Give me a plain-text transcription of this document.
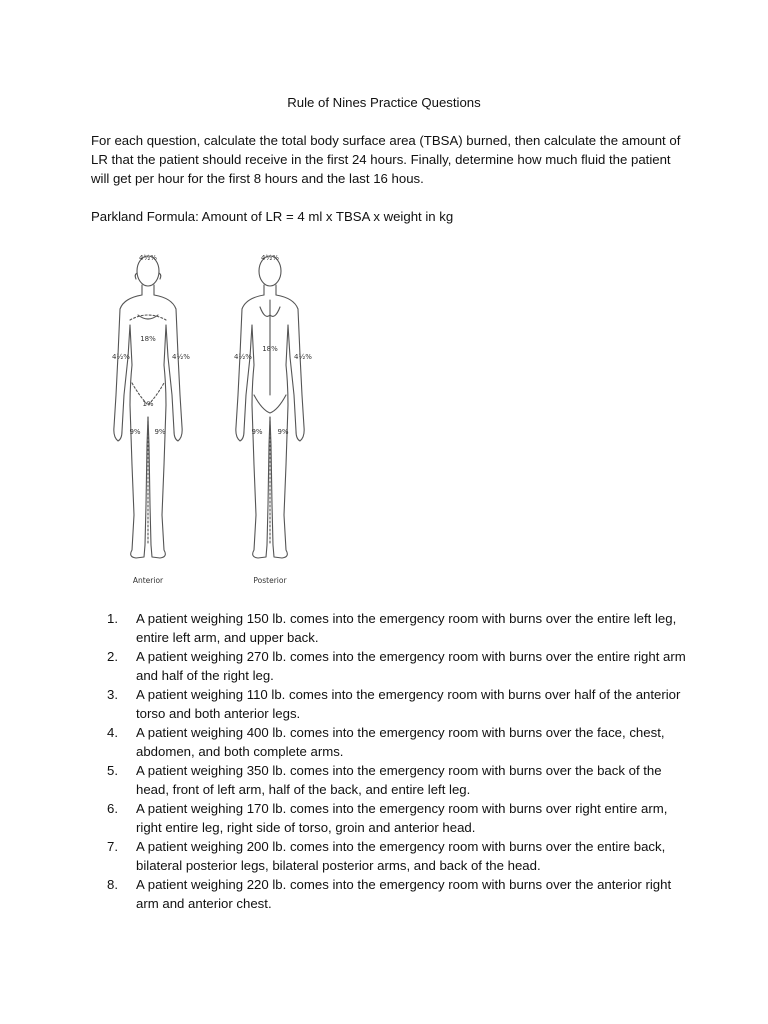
Rule of Nines Practice Questions

For each question, calculate the total body surface area (TBSA) burned, then calculate the amount of LR that the patient should receive in the first 24 hours. Finally, determine how much fluid the patient will get per hour for the first 8 hours and the last 16 hous.

Parkland Formula: Amount of LR = 4 ml x TBSA x weight in kg
4½%
18%
4½%	4½%
1%
9% 9%
4½%
18%
4½%	4½%
9% 9%
Anterior	Posterior
1.	A patient weighing 150 lb. comes into the emergency room with burns over the entire left leg, entire left arm, and upper back.
2.	A patient weighing 270 lb. comes into the emergency room with burns over the entire right arm and half of the right leg.
3.	A patient weighing 110 lb. comes into the emergency room with burns over half of the anterior torso and both anterior legs.
4.	A patient weighing 400 lb. comes into the emergency room with burns over the face, chest, abdomen, and both complete arms.
5.	A patient weighing 350 lb. comes into the emergency room with burns over the back of the head, front of left arm, half of the back, and entire left leg.
6.	A patient weighing 170 lb. comes into the emergency room with burns over right entire arm, right entire leg, right side of torso, groin and anterior head.
7.	A patient weighing 200 lb. comes into the emergency room with burns over the entire back, bilateral posterior legs, bilateral posterior arms, and back of the head.
8.	A patient weighing 220 lb. comes into the emergency room with burns over the anterior right arm and anterior chest.
